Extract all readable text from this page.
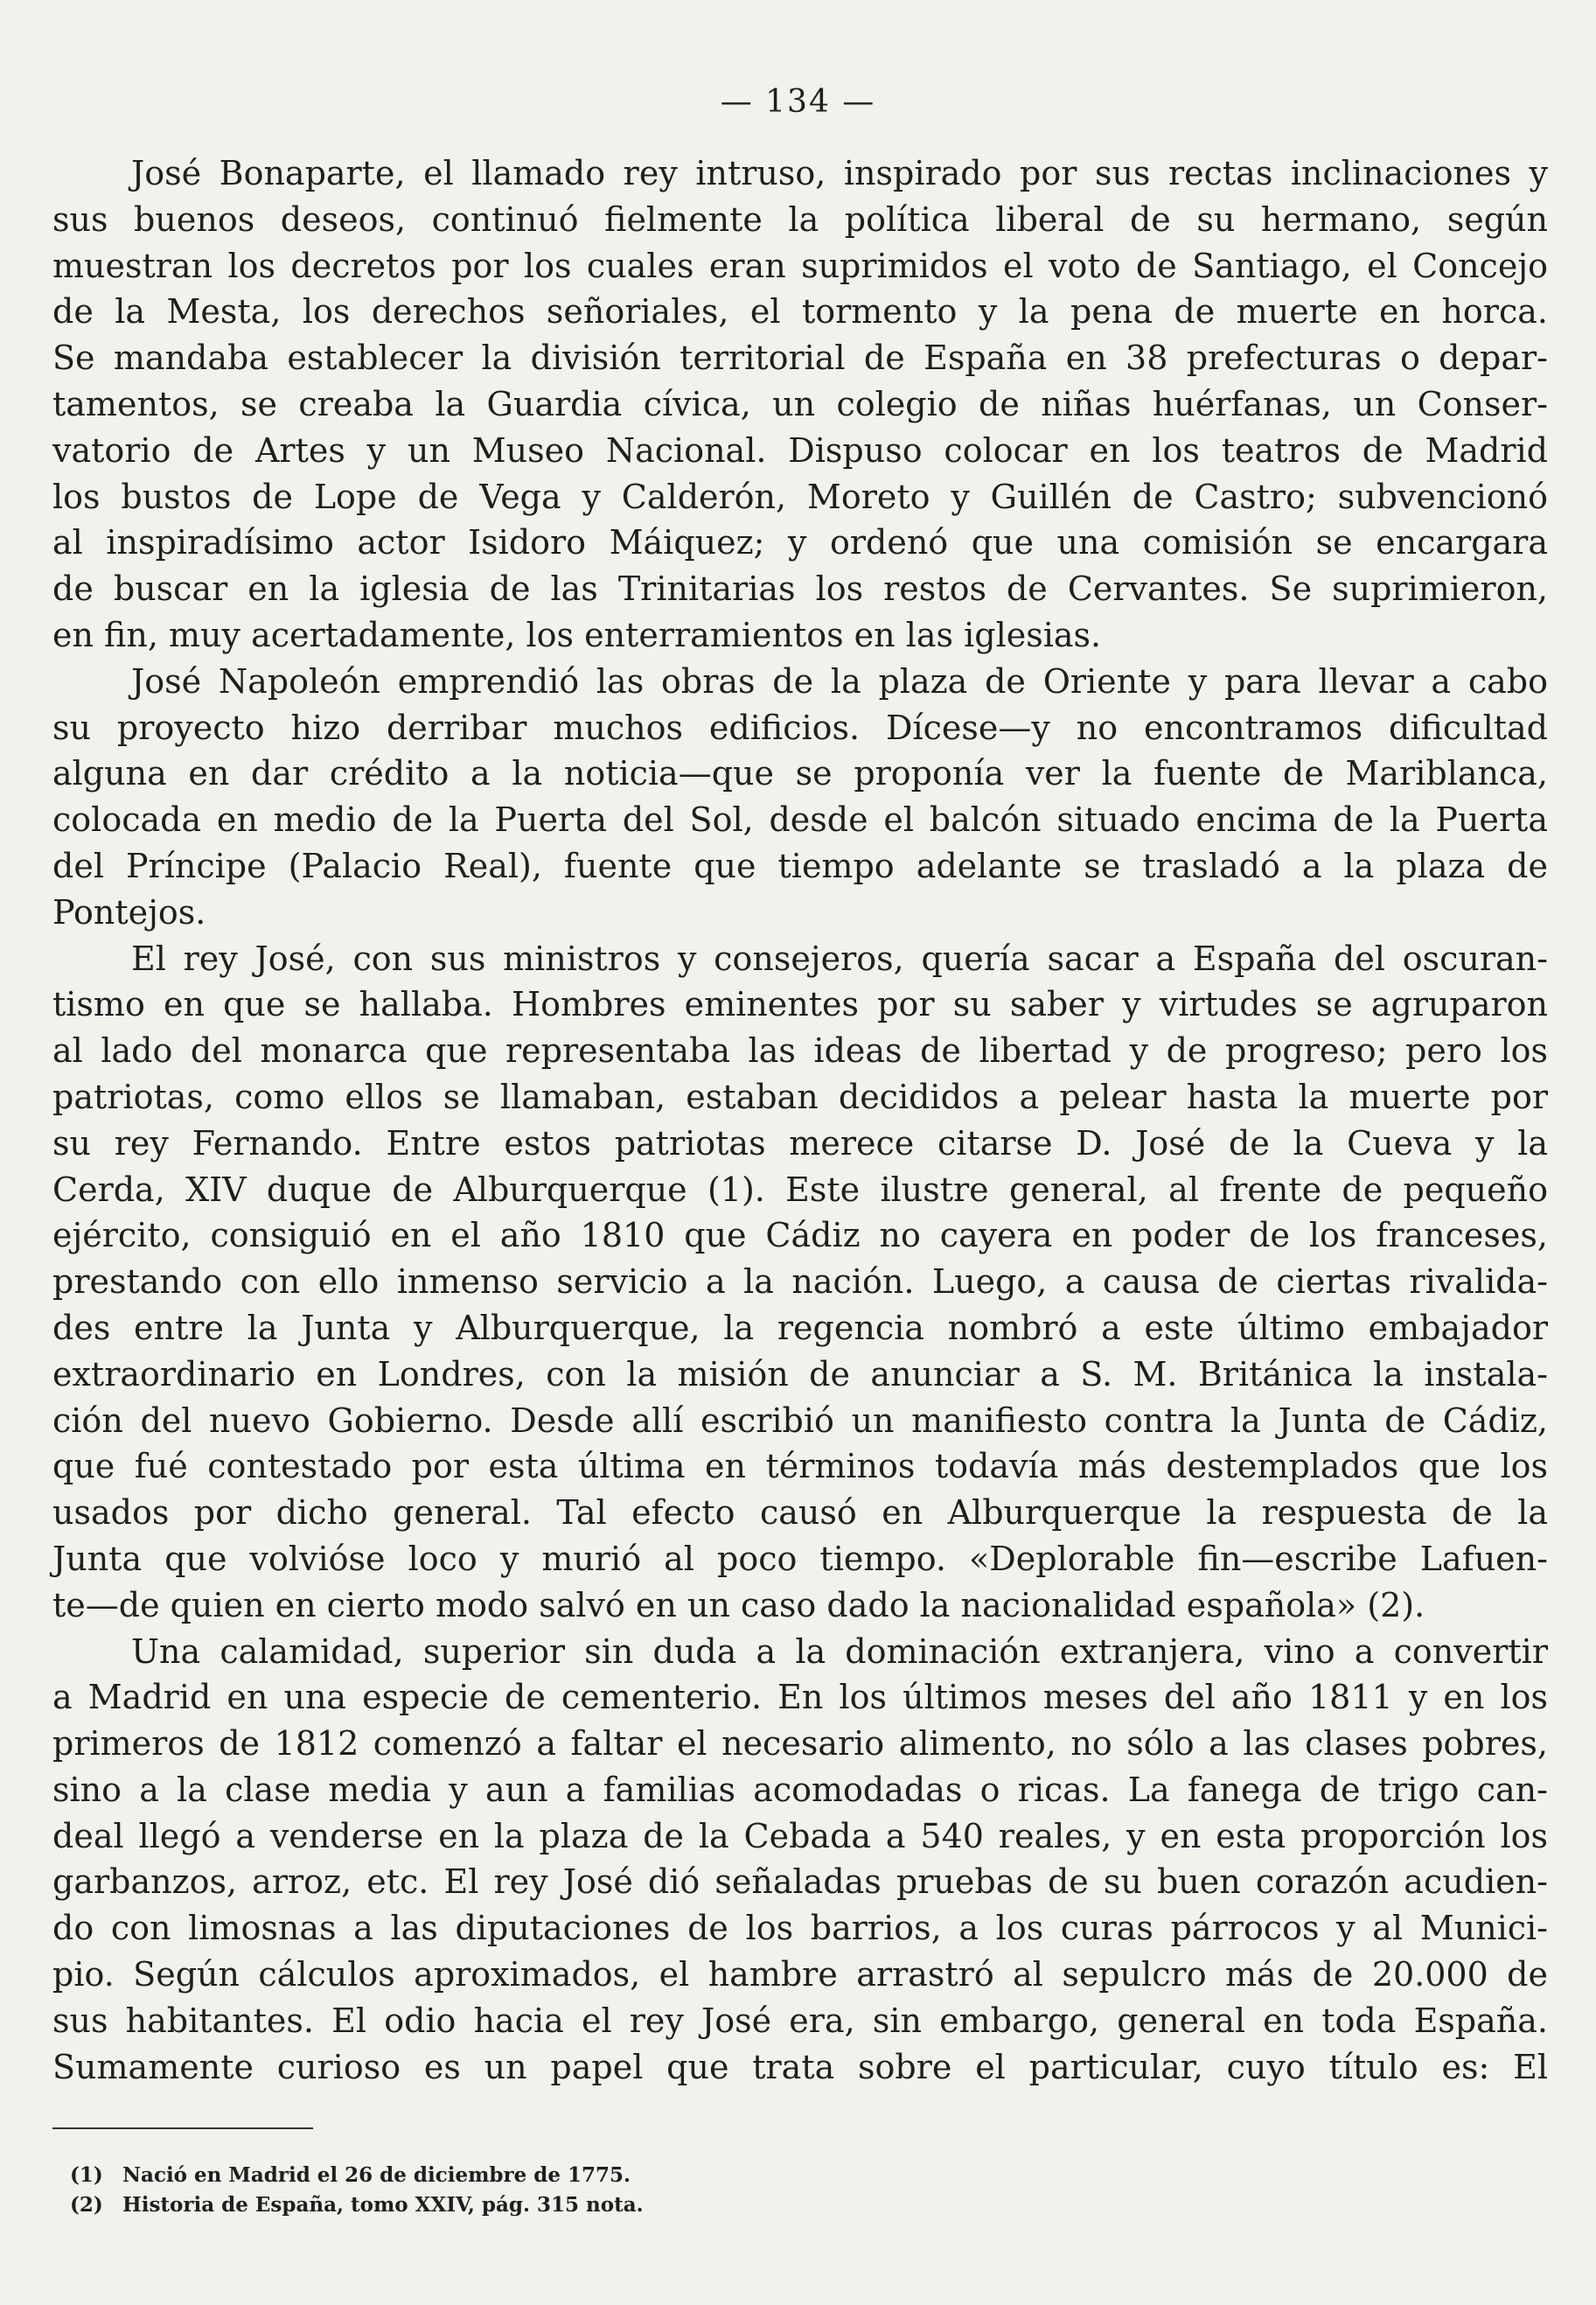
— 134 —
José Bonaparte, el llamado rey intruso, inspirado por sus rectas inclinaciones y
sus buenos deseos, continuó fielmente la política liberal de su hermano, según
muestran los decretos por los cuales eran suprimidos el voto de Santiago, el Concejo
de la Mesta, los derechos señoriales, el tormento y la pena de muerte en horca.
Se mandaba establecer la división territorial de España en 38 prefecturas o depar-
tamentos, se creaba la Guardia cívica, un colegio de niñas huérfanas, un Conser-
vatorio de Artes y un Museo Nacional. Dispuso colocar en los teatros de Madrid
los bustos de Lope de Vega y Calderón, Moreto y Guillén de Castro; subvencionó
al inspiradísimo actor Isidoro Máiquez; y ordenó que una comisión se encargara
de buscar en la iglesia de las Trinitarias los restos de Cervantes. Se suprimieron,
en fin, muy acertadamente, los enterramientos en las iglesias.
José Napoleón emprendió las obras de la plaza de Oriente y para llevar a cabo
su proyecto hizo derribar muchos edificios. Dícese—y no encontramos dificultad
alguna en dar crédito a la noticia—que se proponía ver la fuente de Mariblanca,
colocada en medio de la Puerta del Sol, desde el balcón situado encima de la Puerta
del Príncipe (Palacio Real), fuente que tiempo adelante se trasladó a la plaza de
Pontejos.
El rey José, con sus ministros y consejeros, quería sacar a España del oscuran-
tismo en que se hallaba. Hombres eminentes por su saber y virtudes se agruparon
al lado del monarca que representaba las ideas de libertad y de progreso; pero los
patriotas, como ellos se llamaban, estaban decididos a pelear hasta la muerte por
su rey Fernando. Entre estos patriotas merece citarse D. José de la Cueva y la
Cerda, XIV duque de Alburquerque (1). Este ilustre general, al frente de pequeño
ejército, consiguió en el año 1810 que Cádiz no cayera en poder de los franceses,
prestando con ello inmenso servicio a la nación. Luego, a causa de ciertas rivalida-
des entre la Junta y Alburquerque, la regencia nombró a este último embajador
extraordinario en Londres, con la misión de anunciar a S. M. Británica la instala-
ción del nuevo Gobierno. Desde allí escribió un manifiesto contra la Junta de Cádiz,
que fué contestado por esta última en términos todavía más destemplados que los
usados por dicho general. Tal efecto causó en Alburquerque la respuesta de la
Junta que volvióse loco y murió al poco tiempo. «Deplorable fin—escribe Lafuen-
te—de quien en cierto modo salvó en un caso dado la nacionalidad española» (2).
Una calamidad, superior sin duda a la dominación extranjera, vino a convertir
a Madrid en una especie de cementerio. En los últimos meses del año 1811 y en los
primeros de 1812 comenzó a faltar el necesario alimento, no sólo a las clases pobres,
sino a la clase media y aun a familias acomodadas o ricas. La fanega de trigo can-
deal llegó a venderse en la plaza de la Cebada a 540 reales, y en esta proporción los
garbanzos, arroz, etc. El rey José dió señaladas pruebas de su buen corazón acudien-
do con limosnas a las diputaciones de los barrios, a los curas párrocos y al Munici-
pio. Según cálculos aproximados, el hambre arrastró al sepulcro más de 20.000 de
sus habitantes. El odio hacia el rey José era, sin embargo, general en toda España.
Sumamente curioso es un papel que trata sobre el particular, cuyo título es: El
(1) Nació en Madrid el 26 de diciembre de 1775.
(2) Historia de España, tomo XXIV, pág. 315 nota.
